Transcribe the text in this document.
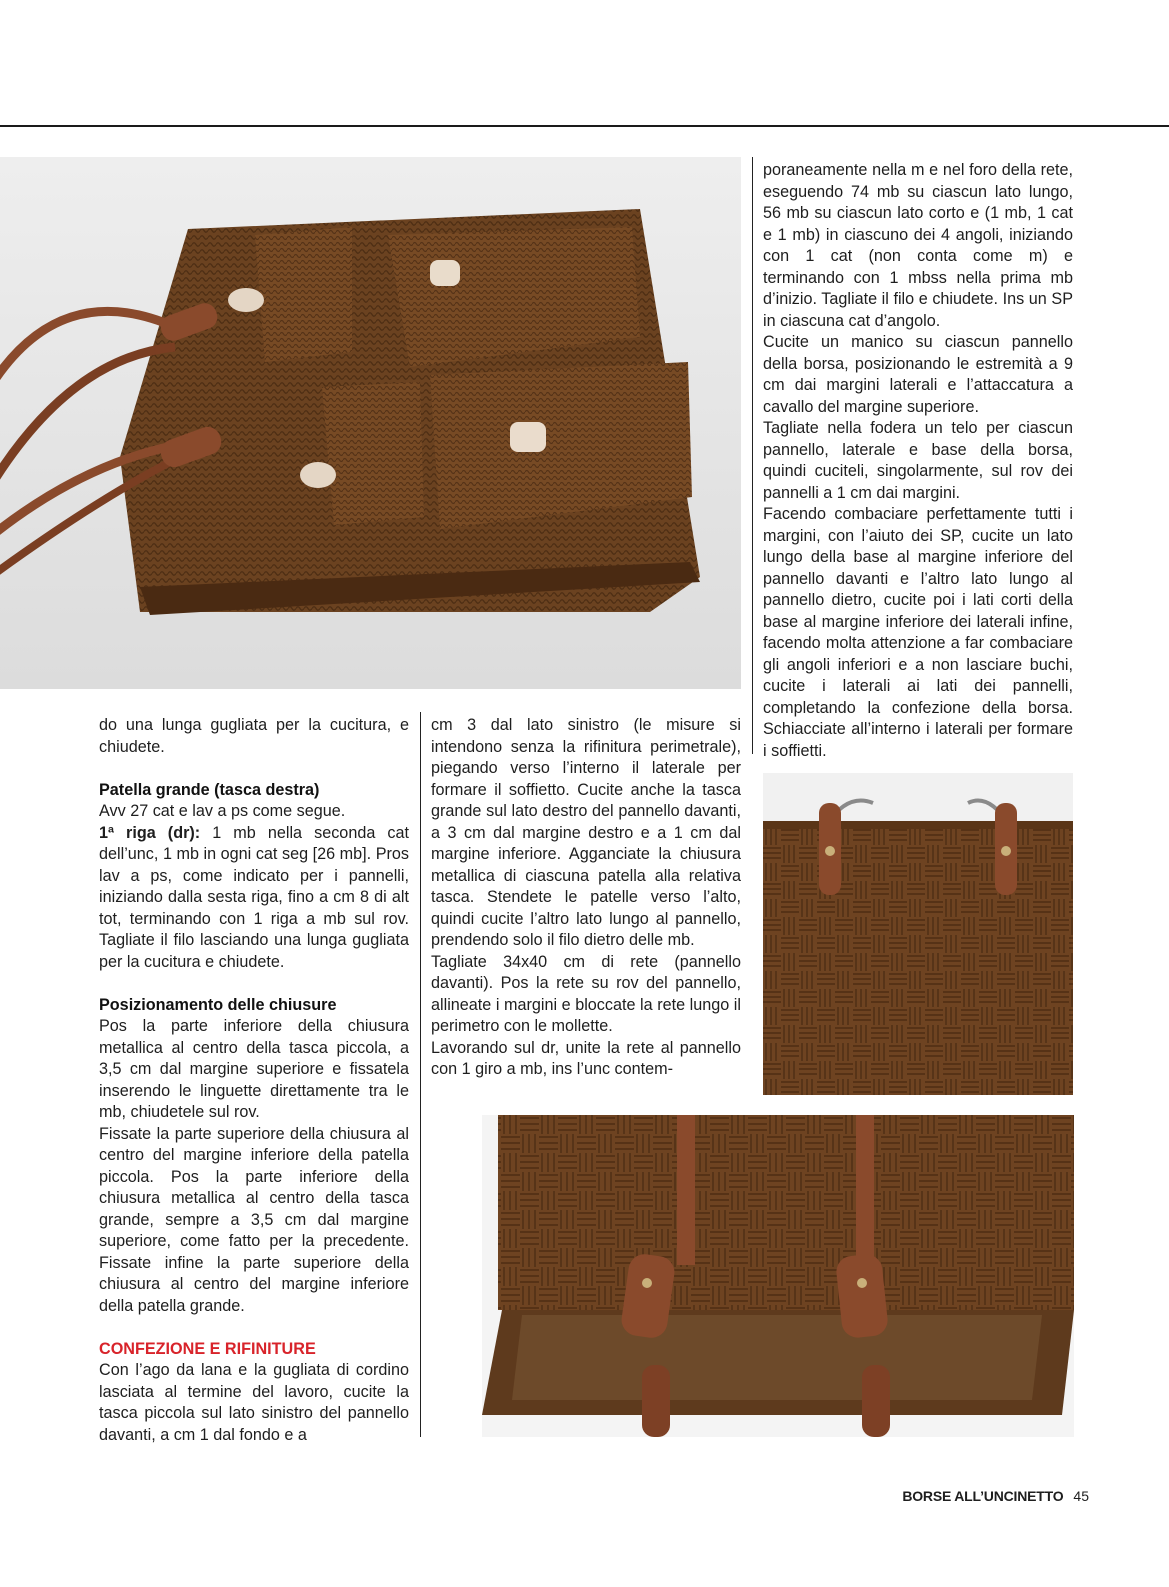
do una lunga gugliata per la cucitura, e chiudete.

Patella grande (tasca destra)

Avv 27 cat e lav a ps come segue.

1ª riga (dr): 1 mb nella seconda cat dell’unc, 1 mb in ogni cat seg [26 mb]. Pros lav a ps, come indicato per i pannelli, iniziando dalla sesta riga, fino a cm 8 di alt tot, terminando con 1 riga a mb sul rov. Tagliate il filo lasciando una lunga gugliata per la cucitura e chiudete.

Posizionamento delle chiusure

Pos la parte inferiore della chiusura metallica al centro della tasca piccola, a 3,5 cm dal margine superiore e fissatela inserendo le linguette direttamente tra le mb, chiudetele sul rov.

Fissate la parte superiore della chiusura al centro del margine inferiore della patella piccola. Pos la parte inferiore della chiusura metallica al centro della tasca grande, sempre a 3,5 cm dal margine superiore, come fatto per la precedente. Fissate infine la parte superiore della chiusura al centro del margine inferiore della patella grande.

CONFEZIONE E RIFINITURE

Con l’ago da lana e la gugliata di cordino lasciata al termine del lavoro, cucite la tasca piccola sul lato sinistro del pannello davanti, a cm 1 dal fondo e a

cm 3 dal lato sinistro (le misure si intendono senza la rifinitura perimetrale), piegando verso l’interno il laterale per formare il soffietto. Cucite anche la tasca grande sul lato destro del pannello davanti, a 3 cm dal margine destro e a 1 cm dal margine inferiore. Agganciate la chiusura metallica di ciascuna patella alla relativa tasca. Stendete le patelle verso l’alto, quindi cucite l’altro lato lungo al pannello, prendendo solo il filo dietro delle mb.

Tagliate 34x40 cm di rete (pannello davanti). Pos la rete su rov del pannello, allineate i margini e bloccate la rete lungo il perimetro con le mollette.

Lavorando sul dr, unite la rete al pannello con 1 giro a mb, ins l’unc contem-

poraneamente nella m e nel foro della rete, eseguendo 74 mb su ciascun lato lungo, 56 mb su ciascun lato corto e (1 mb, 1 cat e 1 mb) in ciascuno dei 4 angoli, iniziando con 1 cat (non conta come m) e terminando con 1 mbss nella prima mb d’inizio. Tagliate il filo e chiudete. Ins un SP in ciascuna cat d’angolo.

Cucite un manico su ciascun pannello della borsa, posizionando le estremità a 9 cm dai margini laterali e l’attaccatura a cavallo del margine superiore.

Tagliate nella fodera un telo per ciascun pannello, laterale e base della borsa, quindi cuciteli, singolarmente, sul rov dei pannelli a 1 cm dai margini.

Facendo combaciare perfettamente tutti i margini, con l’aiuto dei SP, cucite un lato lungo della base al margine inferiore del pannello davanti e l’altro lato lungo al pannello dietro, cucite poi i lati corti della base al margine inferiore dei laterali infine, facendo molta attenzione a far combaciare gli angoli inferiori e a non lasciare buchi, cucite i laterali ai lati dei pannelli, completando la confezione della borsa. Schiacciate all’interno i laterali per formare i soffietti.

BORSE ALL’UNCINETTO 45
